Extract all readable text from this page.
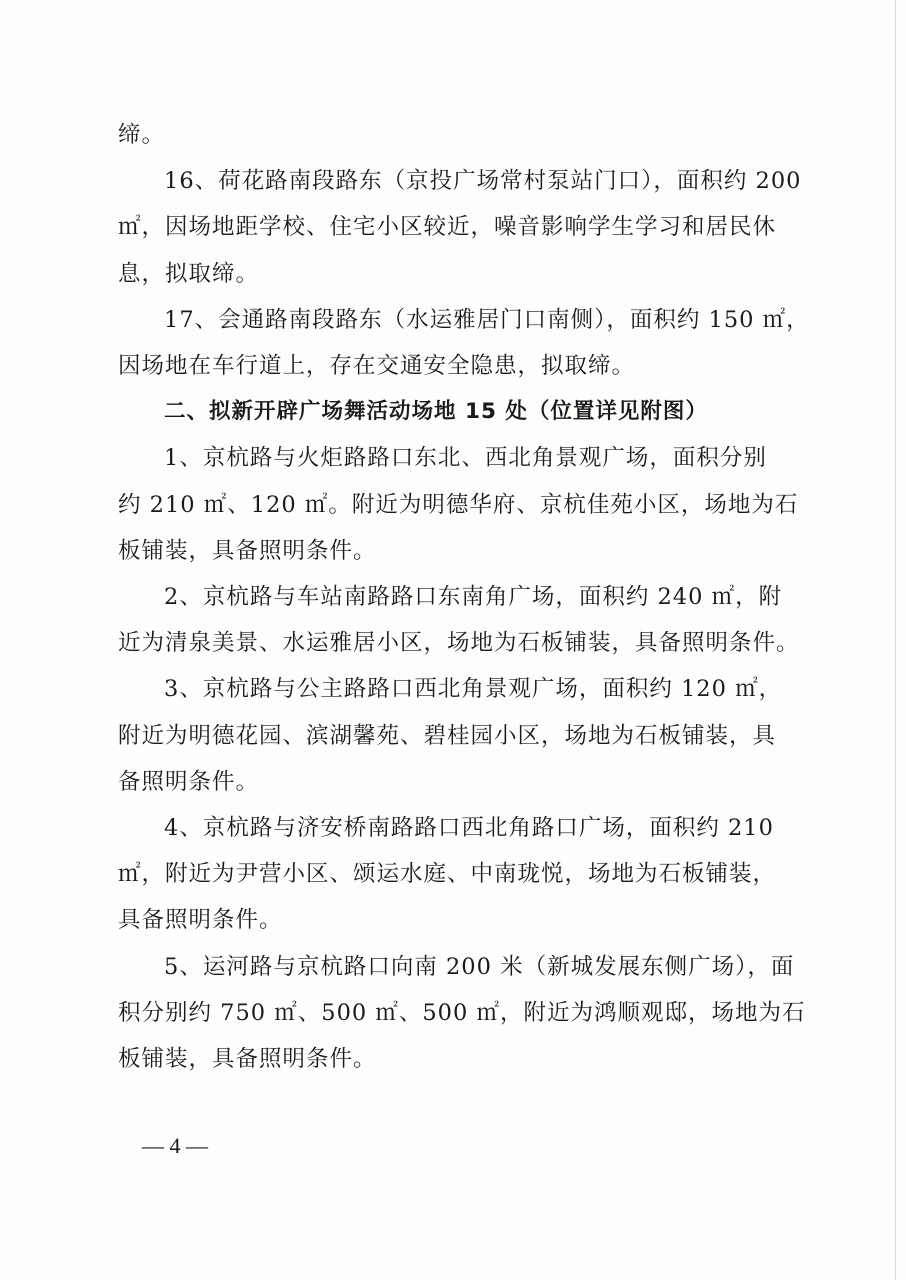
缔。

16、荷花路南段路东（京投广场常村泵站门口），面积约 200
㎡，因场地距学校、住宅小区较近，噪音影响学生学习和居民休
息，拟取缔。

17、会通路南段路东（水运雅居门口南侧），面积约 150 ㎡，
因场地在车行道上，存在交通安全隐患，拟取缔。

二、拟新开辟广场舞活动场地 15 处（位置详见附图）

1、京杭路与火炬路路口东北、西北角景观广场，面积分别
约 210 ㎡、120 ㎡。附近为明德华府、京杭佳苑小区，场地为石
板铺装，具备照明条件。

2、京杭路与车站南路路口东南角广场，面积约 240 ㎡，附
近为清泉美景、水运雅居小区，场地为石板铺装，具备照明条件。

3、京杭路与公主路路口西北角景观广场，面积约 120 ㎡，
附近为明德花园、滨湖馨苑、碧桂园小区，场地为石板铺装，具
备照明条件。

4、京杭路与济安桥南路路口西北角路口广场，面积约 210
㎡，附近为尹营小区、颂运水庭、中南珑悦，场地为石板铺装，
具备照明条件。

5、运河路与京杭路口向南 200 米（新城发展东侧广场），面
积分别约 750 ㎡、500 ㎡、500 ㎡，附近为鸿顺观邸，场地为石
板铺装，具备照明条件。

— 4 —
